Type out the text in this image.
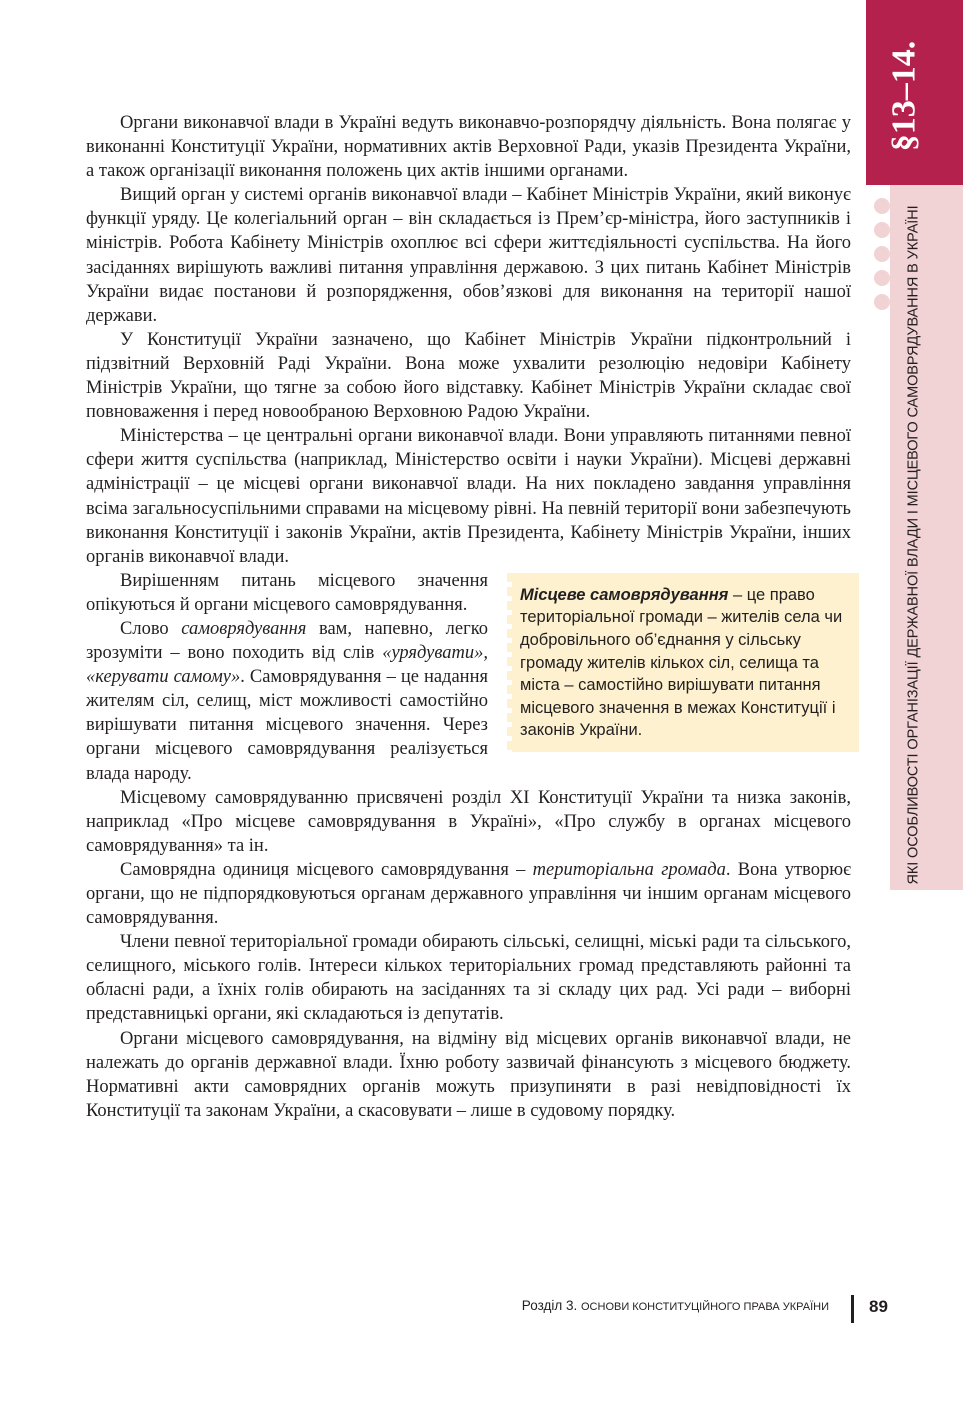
§13–14.
ЯКІ ОСОБЛИВОСТІ ОРГАНІЗАЦІЇ ДЕРЖАВНОЇ ВЛАДИ І МІСЦЕВОГО САМОВРЯДУВАННЯ В УКРАЇНІ

Органи виконавчої влади в Україні ведуть виконавчо-розпорядчу діяльність. Вона полягає у виконанні Конституції України, нормативних актів Верховної Ради, указів Президента України, а також організації виконання положень цих актів іншими органами.

Вищий орган у системі органів виконавчої влади – Кабінет Міністрів України, який виконує функції уряду. Це колегіальний орган – він складається із Прем’єр-міністра, його заступників і міністрів. Робота Кабінету Міністрів охоплює всі сфери життєдіяльності суспільства. На його засіданнях вирішують важливі питання управління державою. З цих питань Кабінет Міністрів України видає постанови й розпорядження, обов’язкові для виконання на території нашої держави.

У Конституції України зазначено, що Кабінет Міністрів України підконтрольний і підзвітний Верховній Раді України. Вона може ухвалити резолюцію недовіри Кабінету Міністрів України, що тягне за собою його відставку. Кабінет Міністрів України складає свої повноваження і перед новообраною Верховною Радою України.

Міністерства – це центральні органи виконавчої влади. Вони управляють питаннями певної сфери життя суспільства (наприклад, Міністерство освіти і науки України). Місцеві державні адміністрації – це місцеві органи виконавчої влади. На них покладено завдання управління всіма загальносуспільними справами на місцевому рівні. На певній території вони забезпечують виконання Конституції і законів України, актів Президента, Кабінету Міністрів України, інших органів виконавчої влади.

Місцеве самоврядування – це право територіальної громади – жителів села чи добровільного об’єднання у сільську громаду жителів кількох сіл, селища та міста – самостійно вирішувати питання місцевого значення в межах Конституції і законів України.

Вирішенням питань місцевого значення опікуються й органи місцевого самоврядування.

Слово самоврядування вам, напевно, легко зрозуміти – воно походить від слів «урядувати», «керувати самому». Самоврядування – це надання жителям сіл, селищ, міст можливості самостійно вирішувати питання місцевого значення. Через органи місцевого самоврядування реалізується влада народу.

Місцевому самоврядуванню присвячені розділ XI Конституції України та низка законів, наприклад «Про місцеве самоврядування в Україні», «Про службу в органах місцевого самоврядування» та ін.

Самоврядна одиниця місцевого самоврядування – територіальна громада. Вона утворює органи, що не підпорядковуються органам державного управління чи іншим органам місцевого самоврядування.

Члени певної територіальної громади обирають сільські, селищні, міські ради та сільського, селищного, міського голів. Інтереси кількох територіальних громад представляють районні та обласні ради, а їхніх голів обирають на засіданнях та зі складу цих рад. Усі ради – виборні представницькі органи, які складаються із депутатів.

Органи місцевого самоврядування, на відміну від місцевих органів виконавчої влади, не належать до органів державної влади. Їхню роботу зазвичай фінансують з місцевого бюджету. Нормативні акти самоврядних органів можуть призупиняти в разі невідповідності їх Конституції та законам України, а скасовувати – лише в судовому порядку.

Розділ 3. ОСНОВИ КОНСТИТУЦІЙНОГО ПРАВА УКРАЇНИ 89
